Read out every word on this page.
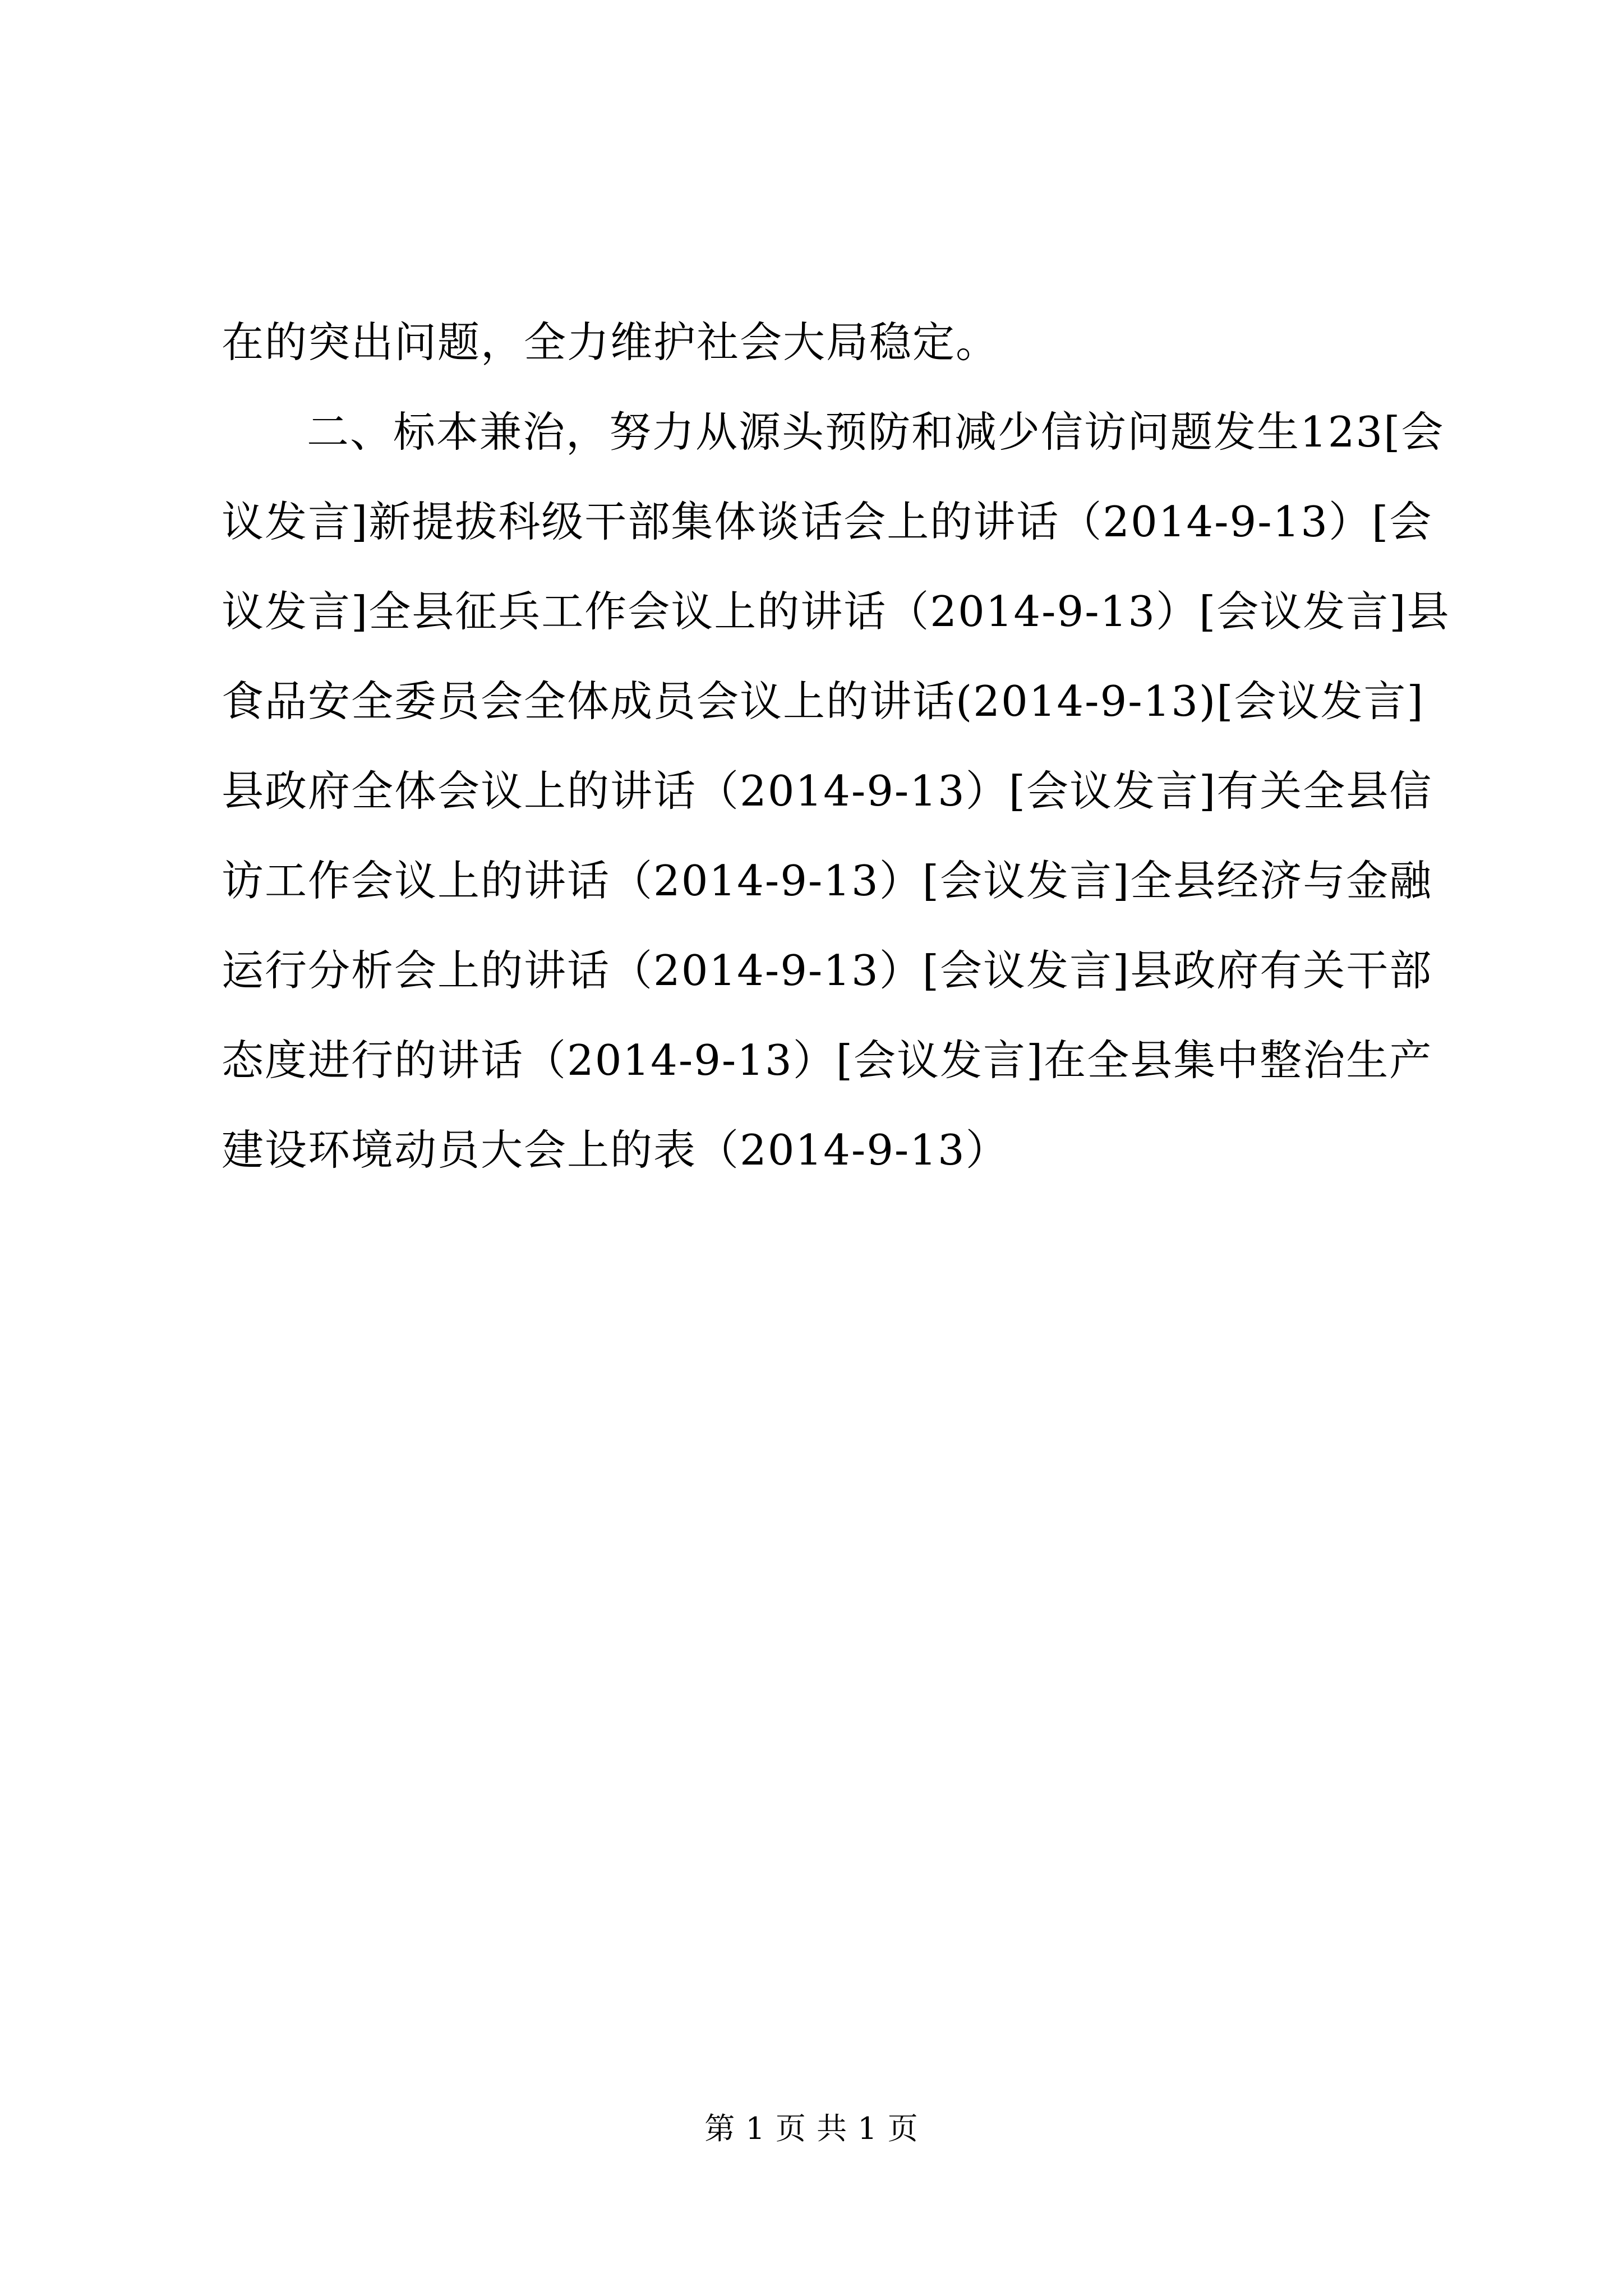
在的突出问题，全力维护社会大局稳定。
二、标本兼治，努力从源头预防和减少信访问题发生123[会
议发言]新提拔科级干部集体谈话会上的讲话（2014-9-13）[会
议发言]全县征兵工作会议上的讲话（2014-9-13）[会议发言]县
食品安全委员会全体成员会议上的讲话(2014-9-13)[会议发言]
县政府全体会议上的讲话（2014-9-13）[会议发言]有关全县信
访工作会议上的讲话（2014-9-13）[会议发言]全县经济与金融
运行分析会上的讲话（2014-9-13）[会议发言]县政府有关干部
态度进行的讲话（2014-9-13）[会议发言]在全县集中整治生产
建设环境动员大会上的表（2014-9-13）
第 1 页 共 1 页
